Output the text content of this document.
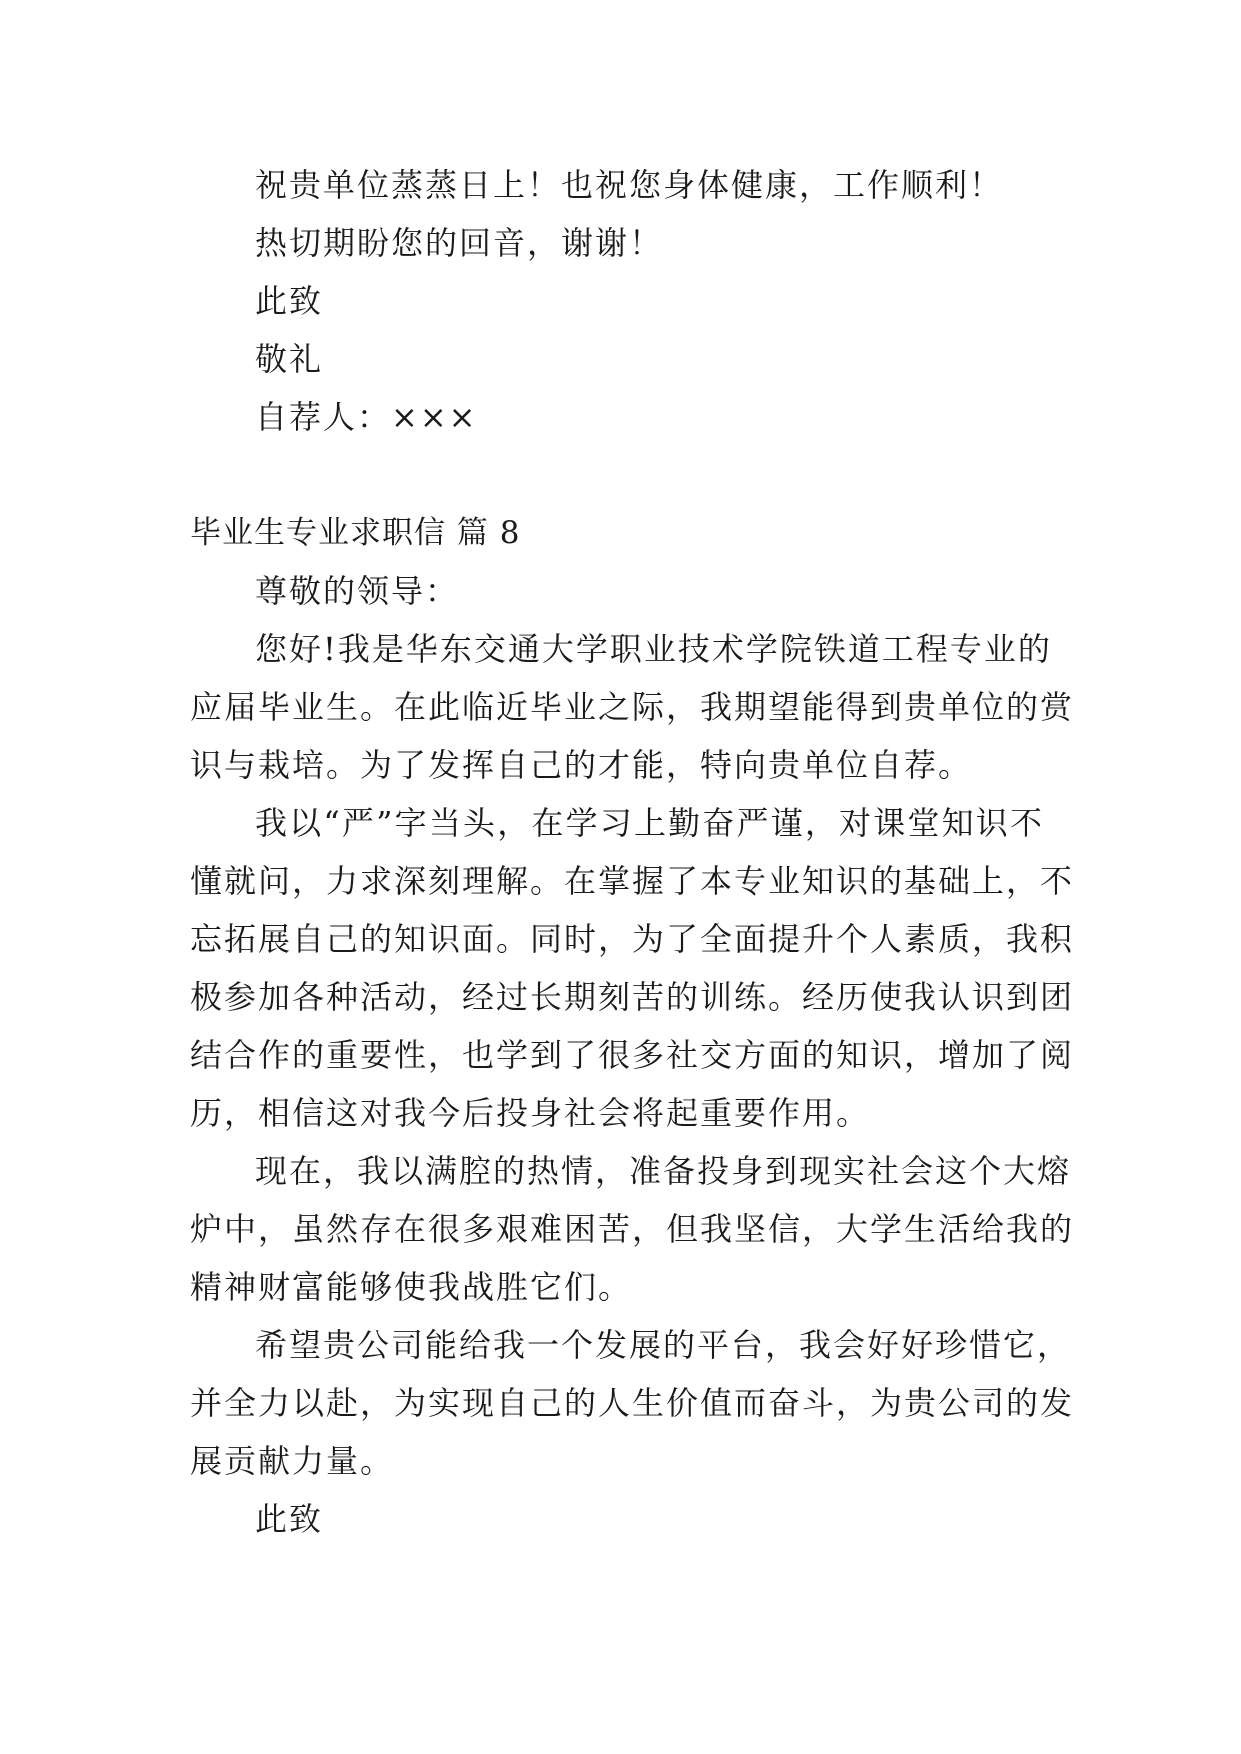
祝贵单位蒸蒸日上！也祝您身体健康，工作顺利！
热切期盼您的回音，谢谢！
此致
敬礼
自荐人：×××
毕业生专业求职信 篇 8
尊敬的领导：
您好!我是华东交通大学职业技术学院铁道工程专业的
应届毕业生。在此临近毕业之际，我期望能得到贵单位的赏
识与栽培。为了发挥自己的才能，特向贵单位自荐。
我以“严”字当头，在学习上勤奋严谨，对课堂知识不
懂就问，力求深刻理解。在掌握了本专业知识的基础上，不
忘拓展自己的知识面。同时，为了全面提升个人素质，我积
极参加各种活动，经过长期刻苦的训练。经历使我认识到团
结合作的重要性，也学到了很多社交方面的知识，增加了阅
历，相信这对我今后投身社会将起重要作用。
现在，我以满腔的热情，准备投身到现实社会这个大熔
炉中，虽然存在很多艰难困苦，但我坚信，大学生活给我的
精神财富能够使我战胜它们。
希望贵公司能给我一个发展的平台，我会好好珍惜它，
并全力以赴，为实现自己的人生价值而奋斗，为贵公司的发
展贡献力量。
此致
